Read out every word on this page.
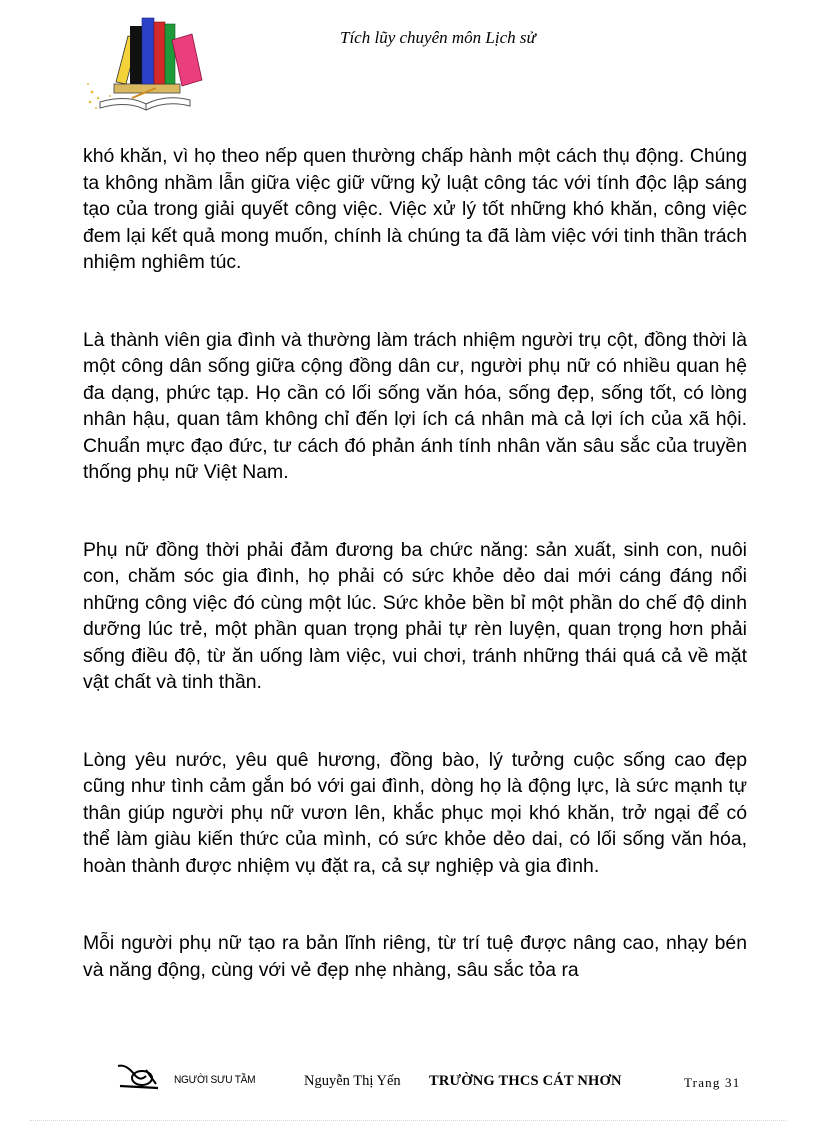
Tích lũy chuyên môn Lịch sử

khó khăn, vì họ theo nếp quen thường chấp hành một cách thụ động. Chúng ta không nhầm lẫn giữa việc giữ vững kỷ luật công tác với tính độc lập sáng tạo của trong giải quyết công việc. Việc xử lý tốt những khó khăn, công việc đem lại kết quả mong muốn, chính là chúng ta đã làm việc với tinh thần trách nhiệm nghiêm túc.

Là thành viên gia đình và thường làm trách nhiệm người trụ cột, đồng thời là một công dân sống giữa cộng đồng dân cư, người phụ nữ có nhiều quan hệ đa dạng, phức tạp. Họ cần có lối sống văn hóa, sống đẹp, sống tốt, có lòng nhân hậu, quan tâm không chỉ đến lợi ích cá nhân mà cả lợi ích của xã hội. Chuẩn mực đạo đức, tư cách đó phản ánh tính nhân văn sâu sắc của truyền thống phụ nữ Việt Nam.

Phụ nữ đồng thời phải đảm đương ba chức năng: sản xuất, sinh con, nuôi con, chăm sóc gia đình, họ phải có sức khỏe dẻo dai mới cáng đáng nổi những công việc đó cùng một lúc. Sức khỏe bền bỉ một phần do chế độ dinh dưỡng lúc trẻ, một phần quan trọng phải tự rèn luyện, quan trọng hơn phải sống điều độ, từ ăn uống làm việc, vui chơi, tránh những thái quá cả về mặt vật chất và tinh thần.

Lòng yêu nước, yêu quê hương, đồng bào, lý tưởng cuộc sống cao đẹp cũng như tình cảm gắn bó với gai đình, dòng họ là động lực, là sức mạnh tự thân giúp người phụ nữ vươn lên, khắc phục mọi khó khăn, trở ngại để có thể làm giàu kiến thức của mình, có sức khỏe dẻo dai, có lối sống văn hóa, hoàn thành được nhiệm vụ đặt ra, cả sự nghiệp và gia đình.

Mỗi người phụ nữ tạo ra bản lĩnh riêng, từ trí tuệ được nâng cao, nhạy bén và năng động, cùng với vẻ đẹp nhẹ nhàng, sâu sắc tỏa ra

NGƯỜI SƯU TẦM	Nguyễn Thị Yến TRƯỜNG THCS CÁT NHƠN	Trang 31
